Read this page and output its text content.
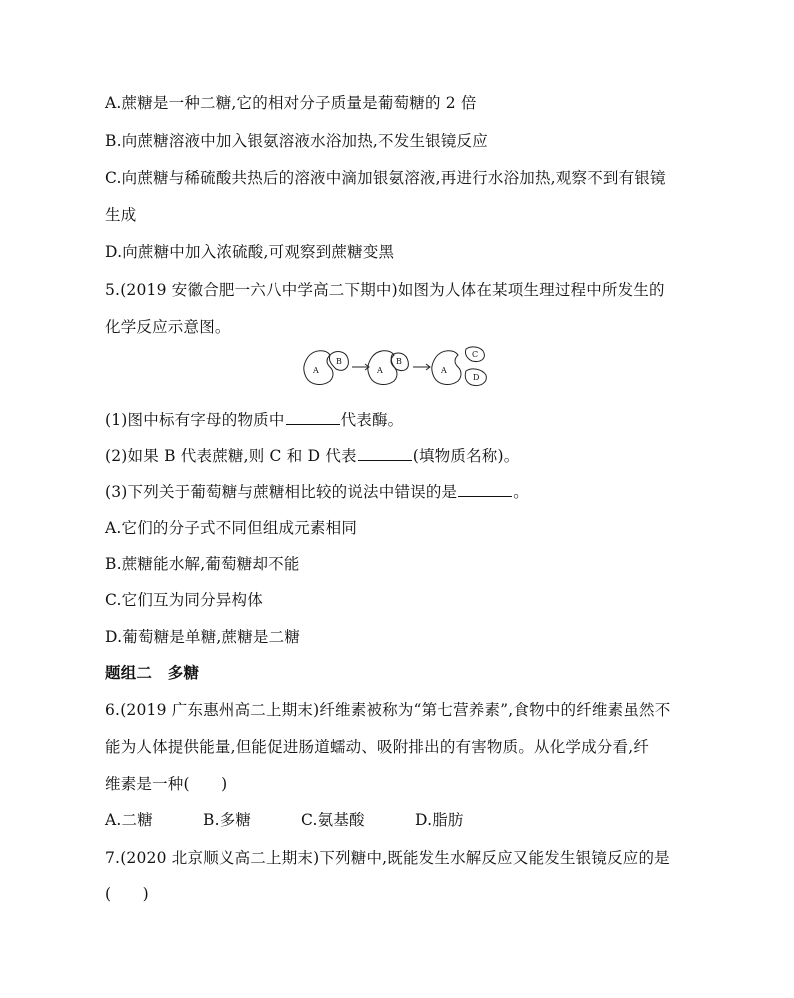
A.蔗糖是一种二糖,它的相对分子质量是葡萄糖的 2 倍
B.向蔗糖溶液中加入银氨溶液水浴加热,不发生银镜反应
C.向蔗糖与稀硫酸共热后的溶液中滴加银氨溶液,再进行水浴加热,观察不到有银镜
生成
D.向蔗糖中加入浓硫酸,可观察到蔗糖变黑
5.(2019 安徽合肥一六八中学高二下期中)如图为人体在某项生理过程中所发生的
化学反应示意图。
A
B
A
B
A
C
D
(1)图中标有字母的物质中	代表酶。
(2)如果 B 代表蔗糖,则 C 和 D 代表	(填物质名称)。
(3)下列关于葡萄糖与蔗糖相比较的说法中错误的是	。
A.它们的分子式不同但组成元素相同
B.蔗糖能水解,葡萄糖却不能
C.它们互为同分异构体
D.葡萄糖是单糖,蔗糖是二糖
题组二　多糖
6.(2019 广东惠州高二上期末)纤维素被称为“第七营养素”,食物中的纤维素虽然不
能为人体提供能量,但能促进肠道蠕动、吸附排出的有害物质。从化学成分看,纤
维素是一种(　　)
A.二糖	B.多糖	C.氨基酸	D.脂肪
7.(2020 北京顺义高二上期末)下列糖中,既能发生水解反应又能发生银镜反应的是
(　　)
